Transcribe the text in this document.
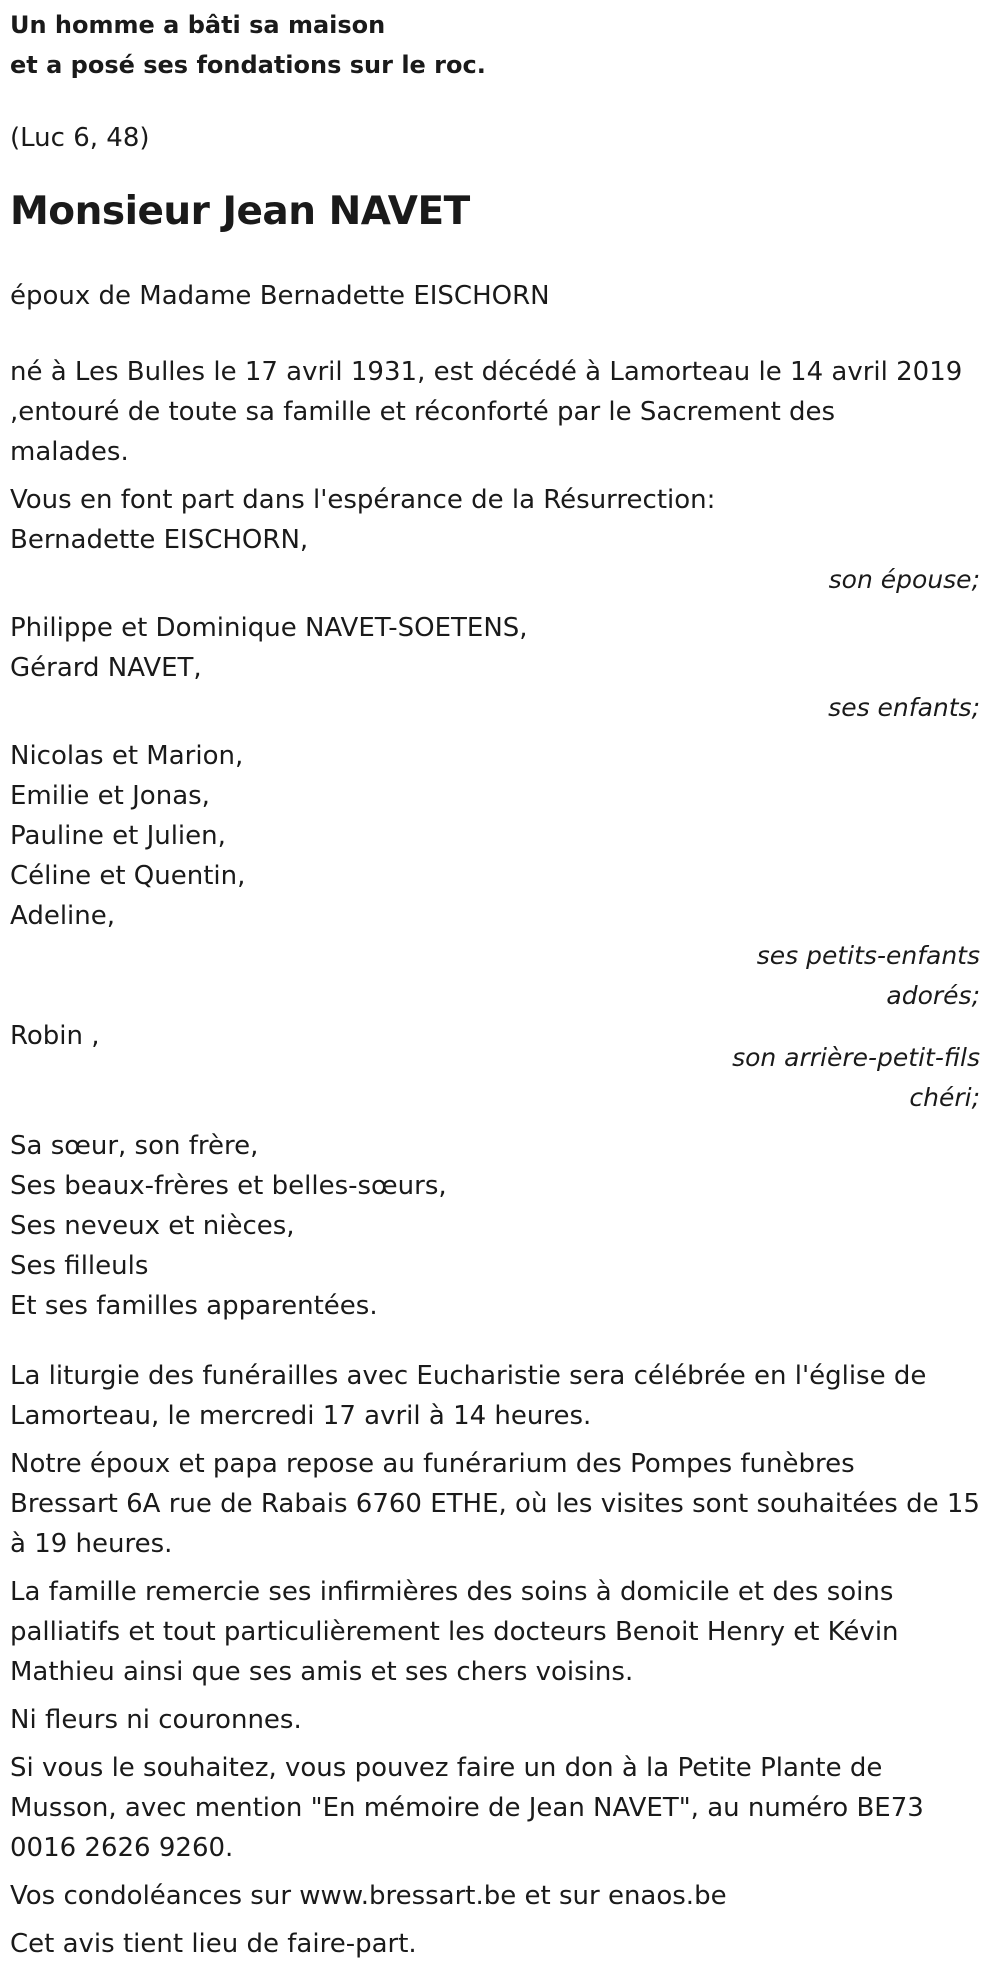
Un homme a bâti sa maison

et a posé ses fondations sur le roc.

(Luc 6, 48)

Monsieur Jean NAVET

époux de Madame Bernadette EISCHORN

né à Les Bulles le 17 avril 1931, est décédé à Lamorteau le 14 avril 2019

,entouré de toute sa famille et réconforté par le Sacrement des

malades.

Vous en font part dans l'espérance de la Résurrection:

Bernadette EISCHORN,

son épouse;

Philippe et Dominique NAVET-SOETENS,

Gérard NAVET,

ses enfants;

Nicolas et Marion,

Emilie et Jonas,

Pauline et Julien,

Céline et Quentin,

Adeline,

ses petits-enfants
adorés;

Robin ,

son arrière-petit-fils
chéri;

Sa sœur, son frère,

Ses beaux-frères et belles-sœurs,

Ses neveux et nièces,

Ses filleuls

Et ses familles apparentées.

La liturgie des funérailles avec Eucharistie sera célébrée en l'église de

Lamorteau, le mercredi 17 avril à 14 heures.

Notre époux et papa repose au funérarium des Pompes funèbres

Bressart 6A rue de Rabais 6760 ETHE, où les visites sont souhaitées de 15

à 19 heures.

La famille remercie ses infirmières des soins à domicile et des soins

palliatifs et tout particulièrement les docteurs Benoit Henry et Kévin

Mathieu ainsi que ses amis et ses chers voisins.

Ni fleurs ni couronnes.

Si vous le souhaitez, vous pouvez faire un don à la Petite Plante de

Musson, avec mention "En mémoire de Jean NAVET", au numéro BE73

0016 2626 9260.

Vos condoléances sur www.bressart.be et sur enaos.be

Cet avis tient lieu de faire-part.
